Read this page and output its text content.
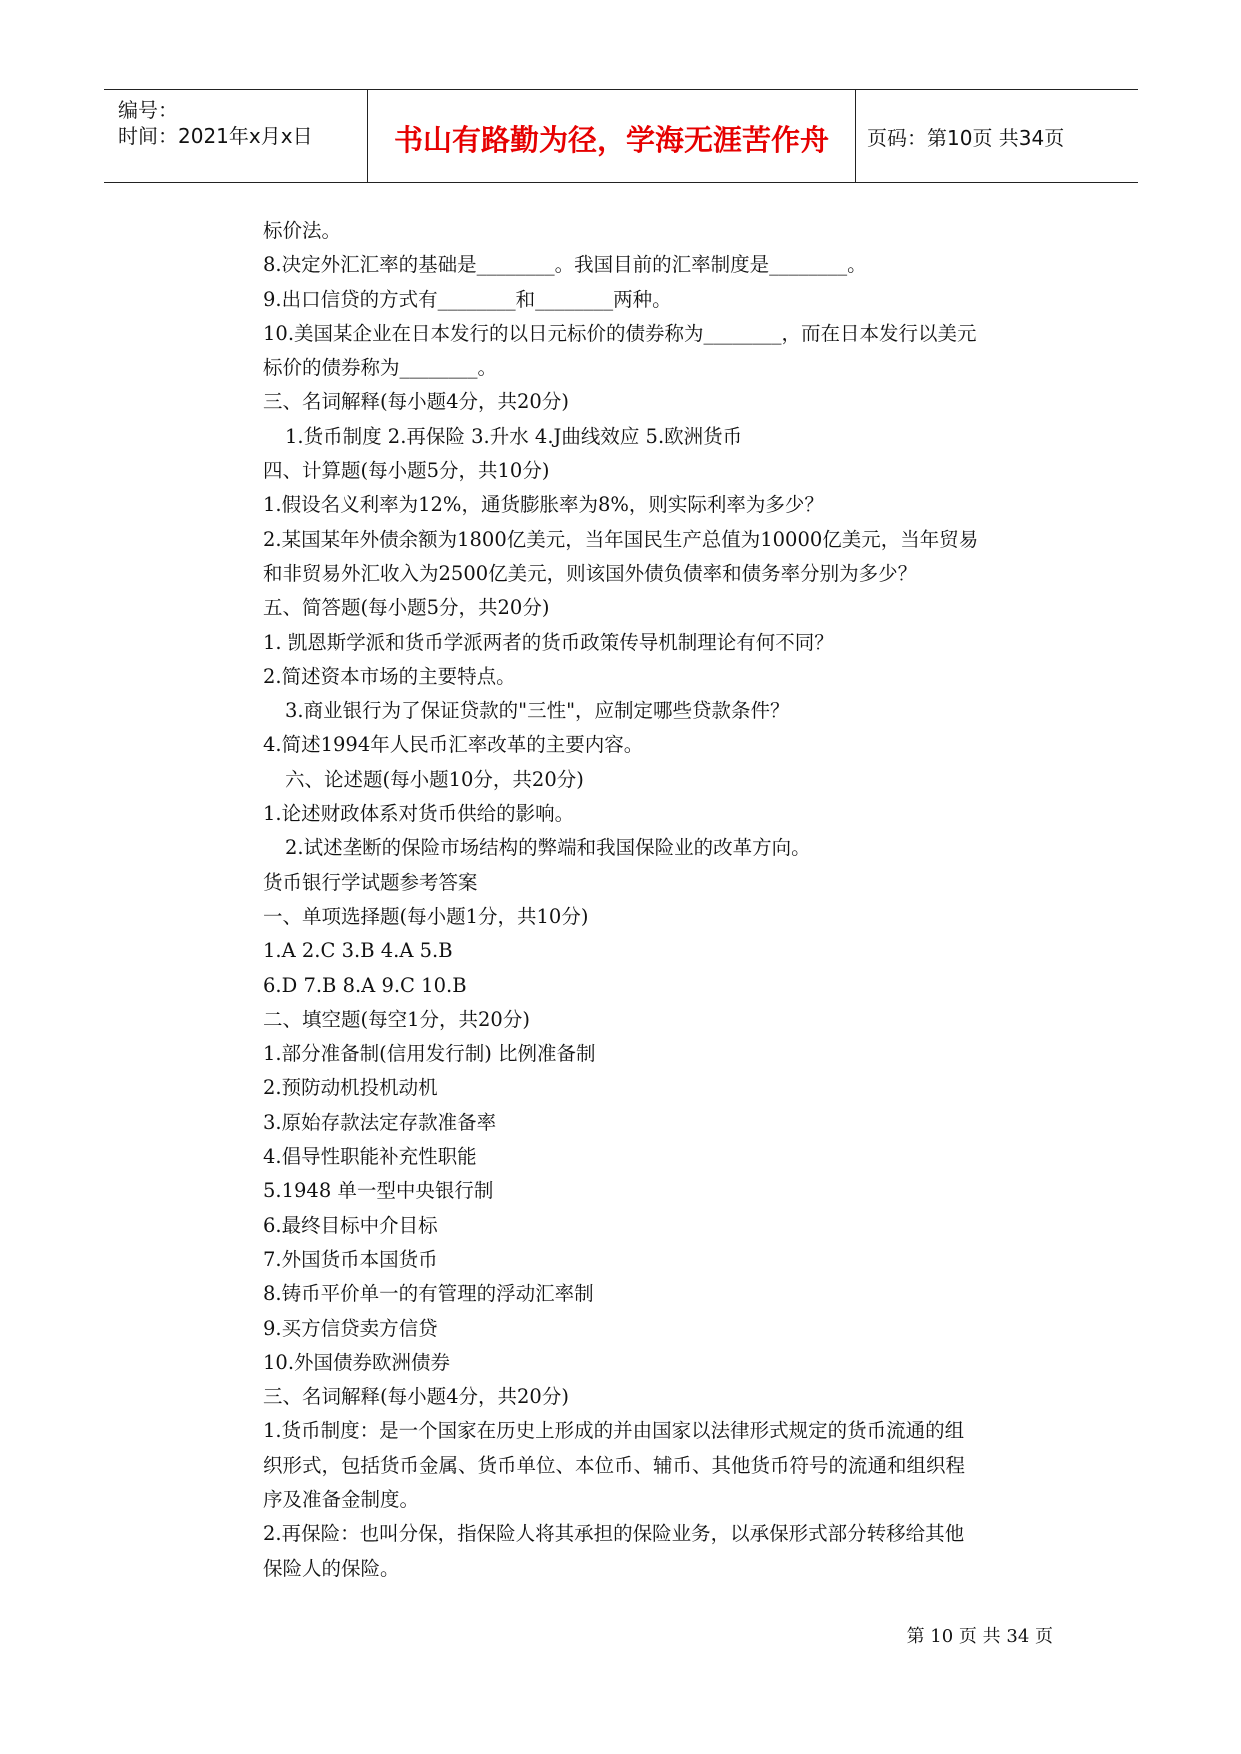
编号：
时间：2021年x月x日	书山有路勤为径，学海无涯苦作舟	页码：第10页 共34页
标价法。
8.决定外汇汇率的基础是________。我国目前的汇率制度是________。
9.出口信贷的方式有________和________两种。
10.美国某企业在日本发行的以日元标价的债券称为________，而在日本发行以美元
标价的债券称为________。
三、名词解释(每小题4分，共20分)
1.货币制度 2.再保险 3.升水 4.J曲线效应 5.欧洲货币
四、计算题(每小题5分，共10分)
1.假设名义利率为12%，通货膨胀率为8%，则实际利率为多少？
2.某国某年外债余额为1800亿美元，当年国民生产总值为10000亿美元，当年贸易
和非贸易外汇收入为2500亿美元，则该国外债负债率和债务率分别为多少？
五、简答题(每小题5分，共20分)
1. 凯恩斯学派和货币学派两者的货币政策传导机制理论有何不同？
2.简述资本市场的主要特点。
3.商业银行为了保证贷款的"三性"，应制定哪些贷款条件？
4.简述1994年人民币汇率改革的主要内容。
六、论述题(每小题10分，共20分)
1.论述财政体系对货币供给的影响。
2.试述垄断的保险市场结构的弊端和我国保险业的改革方向。
货币银行学试题参考答案
一、单项选择题(每小题1分，共10分)
1.A 2.C 3.B 4.A 5.B
6.D 7.B 8.A 9.C 10.B
二、填空题(每空1分，共20分)
1.部分准备制(信用发行制) 比例准备制
2.预防动机投机动机
3.原始存款法定存款准备率
4.倡导性职能补充性职能
5.1948 单一型中央银行制
6.最终目标中介目标
7.外国货币本国货币
8.铸币平价单一的有管理的浮动汇率制
9.买方信贷卖方信贷
10.外国债券欧洲债券
三、名词解释(每小题4分，共20分)
1.货币制度：是一个国家在历史上形成的并由国家以法律形式规定的货币流通的组
织形式，包括货币金属、货币单位、本位币、辅币、其他货币符号的流通和组织程
序及准备金制度。
2.再保险：也叫分保，指保险人将其承担的保险业务，以承保形式部分转移给其他
保险人的保险。
第 10 页 共 34 页
